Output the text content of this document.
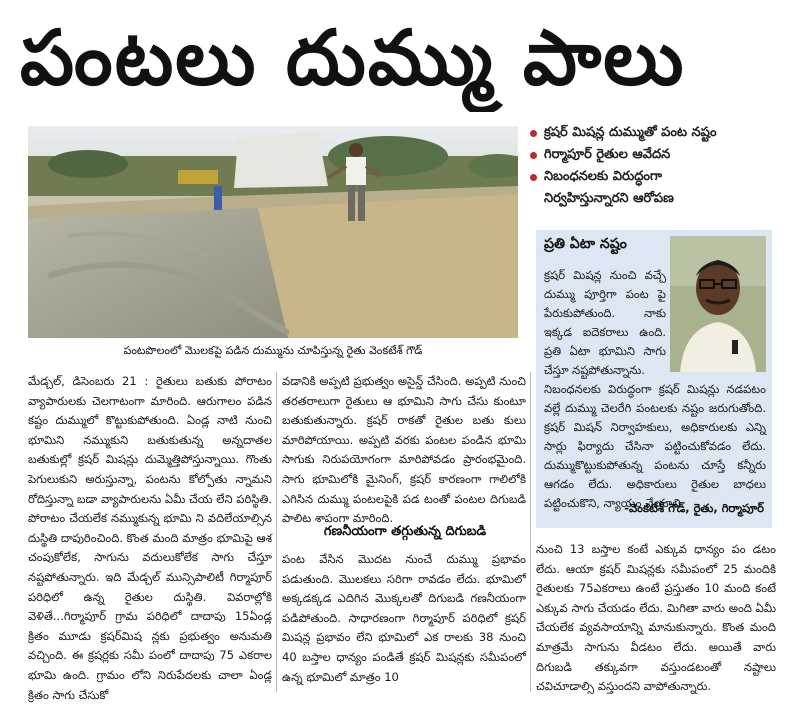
పంటలు దుమ్ము పాలు
పంటపొలంలో మొలకపై పడిన దుమ్మును చూపిస్తున్న రైతు వెంకటేశ్ గౌడ్
క్రషర్ మిషన్ల దుమ్ముతో పంట నష్టం
గిర్మాపూర్ రైతుల ఆవేదన
నిబంధనలకు విరుద్ధంగా
నిర్వహిస్తున్నారని ఆరోపణ
ప్రతి ఏటా నష్టం

క్రషర్ మిషన్ల నుంచి వచ్చే దుమ్ము పూర్తిగా పంట పై పేరుకుపోతుంది. నాకు ఇక్కడ ఐదెకరాలు ఉంది. ప్రతి ఏటా భూమిని సాగు చేస్తూ నష్టపోతున్నాను.

నిబంధనలకు విరుద్ధంగా క్రషర్ మిషన్లు నడపటం వల్లే దుమ్ము చెలరేగి పంటలకు నష్టం జరుగుతోంది. క్రషర్ మిషన్ నిర్వాహకులు, అధికారులకు ఎన్ని సార్లు ఫిర్యాదు చేసినా పట్టించుకోవడం లేదు. దుమ్ముకొట్టుకుపోతున్న పంటను చూస్తే కన్నీరు ఆగడం లేదు. అధికారులు రైతుల బాధలు పట్టించుకొని, న్యాయం చేయాలి.

-వెంకటేశ్ గౌడ్, రైతు, గిర్మాపూర్

మేడ్చల్, డిసెంబరు 21 : రైతులు బతుకు పోరాటం వ్యాపారులకు చెలగాటంగా మారింది. ఆరుగాలం పడిన కష్టం దుమ్ములో కొట్టుకుపోతుంది. ఏండ్ల నాటి నుంచి భూమిని నమ్ముకుని బతుకుతున్న అన్నదాతల బతుకుల్లో క్రషర్ మిషన్లు దుమ్మెత్తిపోస్తున్నాయి. గొంతు పెగులుకుని అరుస్తున్నా, పంటను కోల్పోతు న్నామని రోదిస్తున్నా బడా వ్యాపారులను ఏమీ చేయ లేని పరిస్థితి. పోరాటం చేయలేక నమ్ముకున్న భూమి ని వదిలేయాల్సిన దుస్థితి దాపురించింది. కొంత మంది మాత్రం భూమిపై ఆశ చంపుకోలేక, సాగును వదులుకోలేక సాగు చేస్తూ నష్టపోతున్నారు. ఇది మేడ్చల్ మున్సిపాలిటీ గిర్మాపూర్ పరిధిలో ఉన్న రైతుల దుస్థితి. వివరాల్లోకి వెళితే...గిర్మాపూర్ గ్రామ పరిధిలో దాదాపు 15ఏండ్ల క్రితం మూడు క్రషర్‌మిష న్లకు ప్రభుత్వం అనుమతి వచ్చింది. ఈ క్రషర్లకు సమీ పంలో దాదాపు 75 ఎకరాల భూమి ఉంది. గ్రామం లోని నిరుపేదలకు చాలా ఏండ్ల క్రితం సాగు చేసుకో

వడానికి అప్పటి ప్రభుత్వం అసైన్డ్ చేసింది. అప్పటి నుంచి తరతరాలుగా రైతులు ఆ భూమిని సాగు చేసు కుంటూ బతుకుతున్నారు. క్రషర్ రాకతో రైతుల బతు కులు మారిపోయాయి. అప్పటి వరకు పంటల పండిన భూమి సాగుకు నిరుపయోగంగా మారిపోవడం ప్రారంభమైంది. సాగు భూమిలోకి మైనింగ్, క్రషర్ కారణంగా గాలిలోకి ఎగిసిన దుమ్ము పంటలపైకి పడ టంతో పంటల దిగుబడి పాలిట శాపంగా మారింది.

గణనీయంగా తగ్గుతున్న దిగుబడి

పంట వేసిన మొదట నుంచే దుమ్ము ప్రభావం పడుతుంది. మొలకలు సరిగా రావడం లేదు. భూమిలో అక్కడక్కడ ఎదిగిన మొక్కలతో దిగుబడి గణనీయంగా పడిపోతుంది. సాధారణంగా గిర్మాపూర్ పరిధిలో క్రషర్ మిషన్ల ప్రభావం లేని భూమిలో ఎక రాలకు 38 నుంచి 40 బస్తాల ధాన్యం పండితే క్రషర్ మిషన్లకు సమీపంలో ఉన్న భూమిలో మాత్రం 10

నుంచి 13 బస్తాల కంటే ఎక్కువ ధాన్యం పం డటం లేదు. ఆయా క్రషర్ మిషన్లకు సమీపంలో 25 మందికి రైతులకు 75ఎకరాలు ఉంటే ప్రస్తుతం 10 మంది కంటే ఎక్కువ సాగు చేయడం లేదు. మిగితా వారు అంది ఏమీ చేయలేక వ్యవసాయాన్ని మానుకున్నారు. కొంత మంది మాత్రమే సాగును వీడటం లేదు. అయితే వారు దిగుబడి తక్కువగా వస్తుండటంతో నష్టాలు చవిచూడాల్సి వస్తుందని వాపోతున్నారు.
